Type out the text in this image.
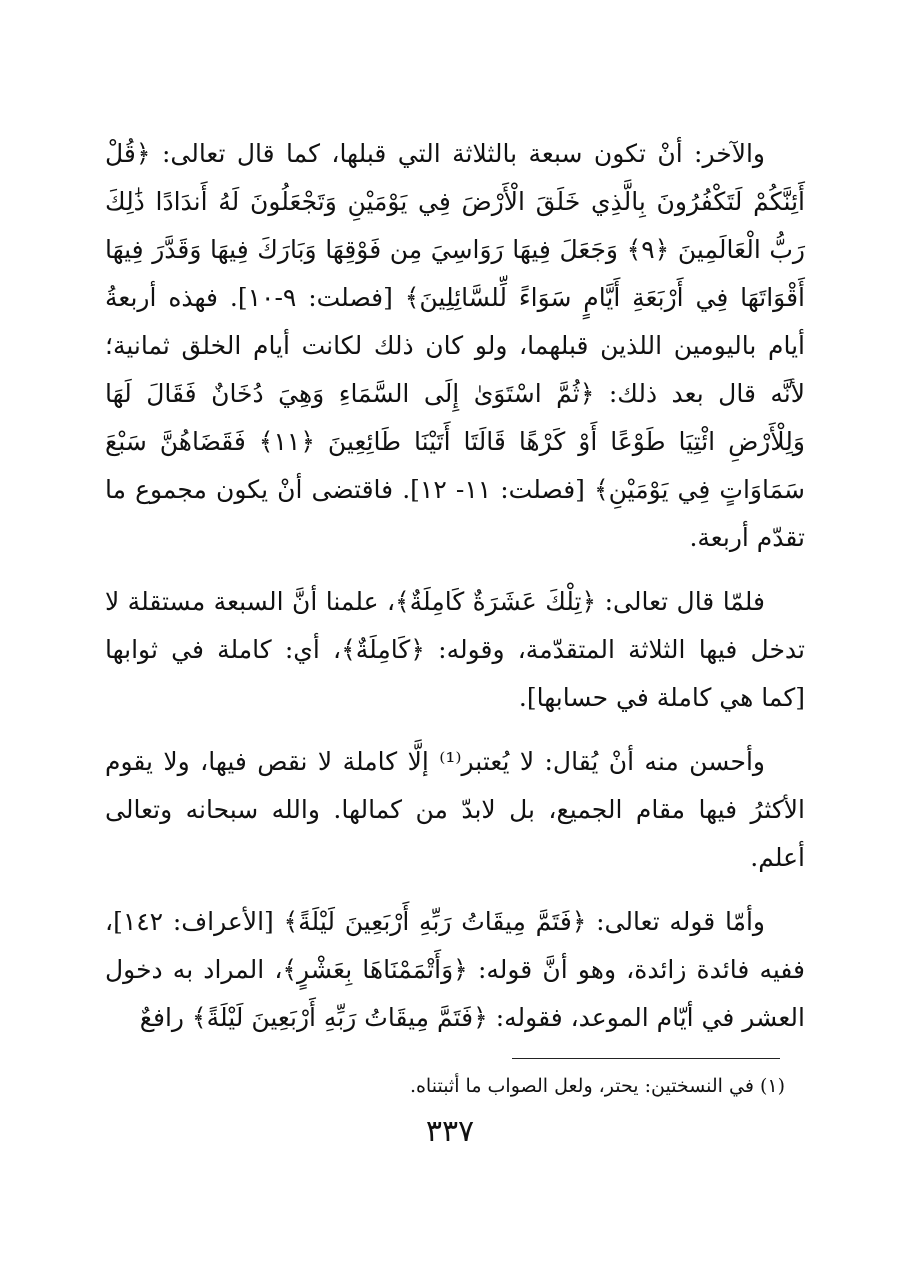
والآخر: أنْ تكون سبعة بالثلاثة التي قبلها، كما قال تعالى: ﴿قُلْ أَئِنَّكُمْ لَتَكْفُرُونَ بِالَّذِي خَلَقَ الْأَرْضَ فِي يَوْمَيْنِ وَتَجْعَلُونَ لَهُ أَندَادًا ذَٰلِكَ رَبُّ الْعَالَمِينَ ﴿٩﴾ وَجَعَلَ فِيهَا رَوَاسِيَ مِن فَوْقِهَا وَبَارَكَ فِيهَا وَقَدَّرَ فِيهَا أَقْوَاتَهَا فِي أَرْبَعَةِ أَيَّامٍ سَوَاءً لِّلسَّائِلِينَ﴾ [فصلت: ٩-١٠]. فهذه أربعةُ أيام باليومين اللذين قبلهما، ولو كان ذلك لكانت أيام الخلق ثمانية؛ لأنَّه قال بعد ذلك: ﴿ثُمَّ اسْتَوَىٰ إِلَى السَّمَاءِ وَهِيَ دُخَانٌ فَقَالَ لَهَا وَلِلْأَرْضِ ائْتِيَا طَوْعًا أَوْ كَرْهًا قَالَتَا أَتَيْنَا طَائِعِينَ ﴿١١﴾ فَقَضَاهُنَّ سَبْعَ سَمَاوَاتٍ فِي يَوْمَيْنِ﴾ [فصلت: ١١- ١٢]. فاقتضى أنْ يكون مجموع ما تقدّم أربعة.

فلمّا قال تعالى: ﴿تِلْكَ عَشَرَةٌ كَامِلَةٌ﴾، علمنا أنَّ السبعة مستقلة لا تدخل فيها الثلاثة المتقدّمة، وقوله: ﴿كَامِلَةٌ﴾، أي: كاملة في ثوابها [كما هي كاملة في حسابها].

وأحسن منه أنْ يُقال: لا يُعتبر⁽¹⁾ إلَّا كاملة لا نقص فيها، ولا يقوم الأكثرُ فيها مقام الجميع، بل لابدّ من كمالها. والله سبحانه وتعالى أعلم.

وأمّا قوله تعالى: ﴿فَتَمَّ مِيقَاتُ رَبِّهِ أَرْبَعِينَ لَيْلَةً﴾ [الأعراف: ١٤٢]، ففيه فائدة زائدة، وهو أنَّ قوله: ﴿وَأَتْمَمْنَاهَا بِعَشْرٍ﴾، المراد به دخول العشر في أيّام الموعد، فقوله: ﴿فَتَمَّ مِيقَاتُ رَبِّهِ أَرْبَعِينَ لَيْلَةً﴾ رافعٌ

(١) في النسختين: يحتر، ولعل الصواب ما أثبتناه.
٣٣٧
